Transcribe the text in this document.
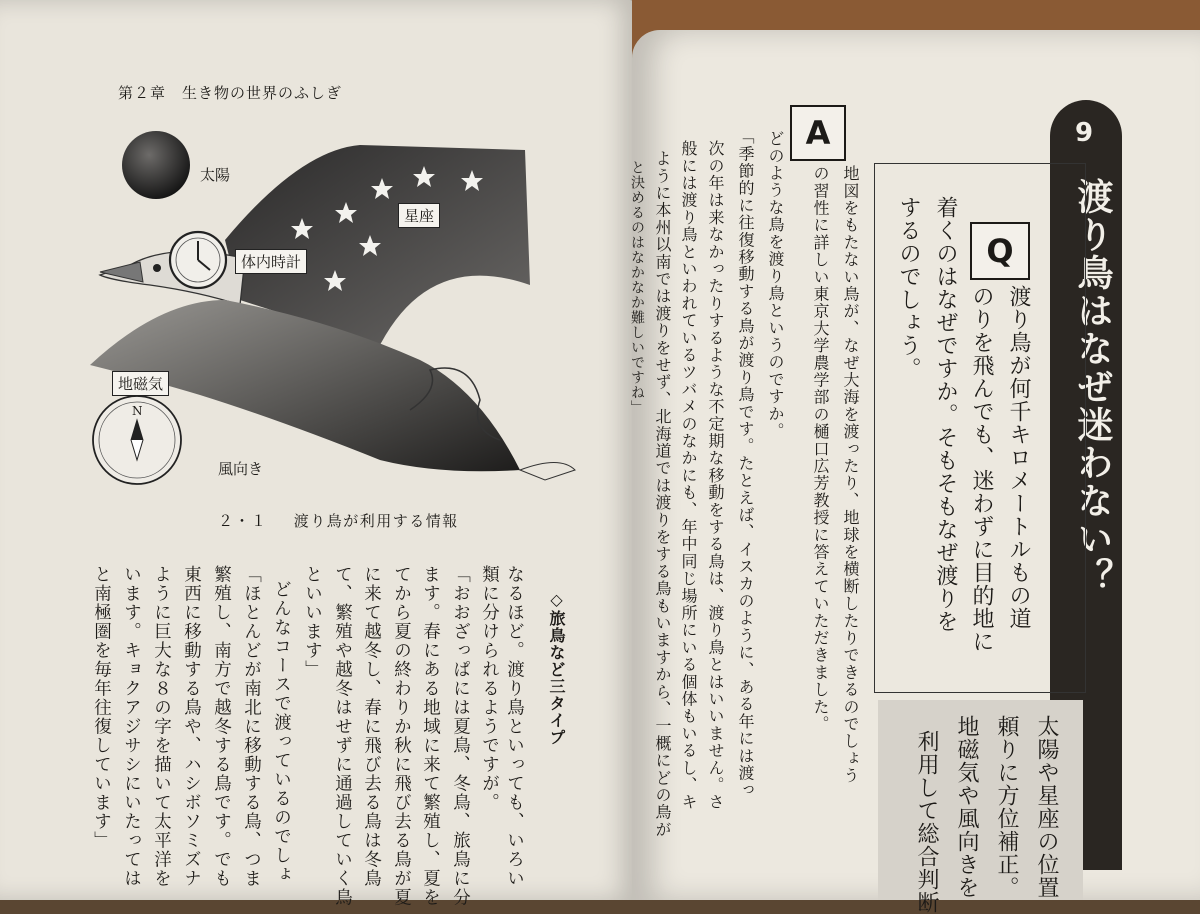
第２章　生き物の世界のふしぎ
太陽
星座
体内時計
地磁気
N
風向き
２・１ 渡り鳥が利用する情報
なるほど。渡り鳥といっても、いろい
類に分けられるようですが。
「おおざっぱには夏鳥、冬鳥、旅鳥に分
ます。春にある地域に来て繁殖し、夏を
てから夏の終わりか秋に飛び去る鳥が夏
に来て越冬し、春に飛び去る鳥は冬鳥
て、繁殖や越冬はせずに通過していく鳥
といいます」
どんなコースで渡っているのでしょ
「ほとんどが南北に移動する鳥、つま
繁殖し、南方で越冬する鳥です。でも
東西に移動する鳥や、ハシボソミズナ
ように巨大な８の字を描いて太平洋を
います。キョクアジサシにいたっては
と南極圏を毎年往復しています」	◇旅鳥など三タイプ
9
渡り鳥はなぜ迷わない？
Q
A
渡り鳥が何千キロメートルもの道
のりを飛んでも、迷わずに目的地に
着くのはなぜですか。そもそもなぜ渡りを
するのでしょう。
地図をもたない鳥が、なぜ大海を渡ったり、地球を横断したりできるのでしょう
の習性に詳しい東京大学農学部の樋口広芳教授に答えていただきました。
どのような鳥を渡り鳥というのですか。
「季節的に往復移動する鳥が渡り鳥です。たとえば、イスカのように、ある年には渡っ
次の年は来なかったりするような不定期な移動をする鳥は、渡り鳥とはいいません。さ
般には渡り鳥といわれているツバメのなかにも、年中同じ場所にいる個体もいるし、キ
ように本州以南では渡りをせず、北海道では渡りをする鳥もいますから、一概にどの鳥が
と決めるのはなかなか難しいですね」
太陽や星座の位置
頼りに方位補正。
地磁気や風向きを
利用して総合判断
